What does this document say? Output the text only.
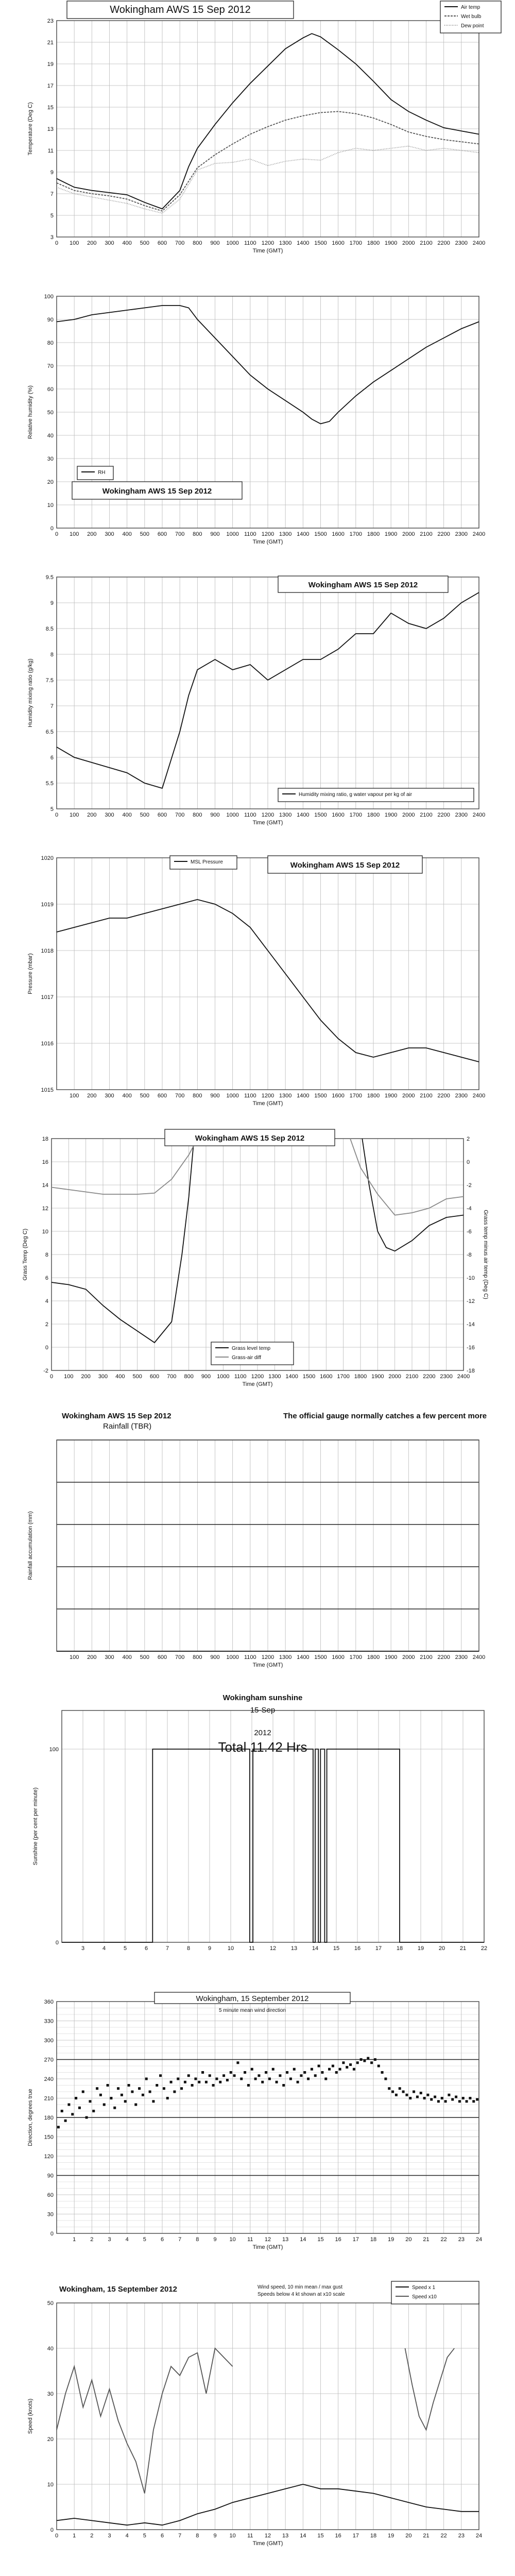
0 100 200 300 400 500 600 700 800 900 1000 1100 1200 1300 1400 1500 1600 1700 1800 1900 2000 2100 2200 2300 2400
3
5
7
9
11
13
15
17
19
21
23
Time (GMT)
Temperature (Deg C)
Wokingham AWS 15 Sep 2012	Air temp
Wet bulb
Dew point
0 100 200 300 400 500 600 700 800 900 1000 1100 1200 1300 1400 1500 1600 1700 1800 1900 2000 2100 2200 2300 2400
0
10
20
30
40
50
60
70
80
90
100
Time (GMT)
Relative humidity (%)
RH
Wokingham AWS 15 Sep 2012
0 100 200 300 400 500 600 700 800 900 1000 1100 1200 1300 1400 1500 1600 1700 1800 1900 2000 2100 2200 2300 2400
5
5.5
6
6.5
7
7.5
8
8.5
9
9.5
Time (GMT)
Humidity mixing ratio (g/kg)
Wokingham AWS 15 Sep 2012
Humidity mixing ratio, g water vapour per kg of air
100 200 300 400 500 600 700 800 900 1000 1100 1200 1300 1400 1500 1600 1700 1800 1900 2000 2100 2200 2300 2400
1015
1016
1017
1018
1019
1020
Time (GMT)
Pressure (mbar)
MSL Pressure	Wokingham AWS 15 Sep 2012
0 100 200 300 400 500 600 700 800 900 1000 1100 1200 1300 1400 1500 1600 1700 1800 1900 2000 2100 2200 2300 2400
-2
0
2
4
6
8
10
12
14
16
18
-18
-16
-14
-12
-10
-8
-6
-4
-2
0
2
Time (GMT)
Grass Temp (Deg C)	Grass temp minus air temp (Deg C)
Wokingham AWS 15 Sep 2012
Grass level temp
Grass-air diff
100 200 300 400 500 600 700 800 900 1000 1100 1200 1300 1400 1500 1600 1700 1800 1900 2000 2100 2200 2300 2400
Time (GMT)
Rainfall accumulation (mm)
Wokingham AWS 15 Sep 2012
Rainfall (TBR)
The official gauge normally catches a few percent more
3	4	5	6	7	8	9	10	11	12	13	14	15	16	17	18	19	20	21	22
0
100
Sunshine (per cent per minute)
Wokingham sunshine
15-Sep
2012
Total 11.42 Hrs
1	2	3	4	5	6	7	8	9 10 11 12 13 14 15 16 17 18 19 20 21 22 23 24
0
30
60
90
120
150
180
210
240
270
300
330
360
Time (GMT)
Direction, degrees true
Wokingham, 15 September 2012
5 minute mean wind direction
0	1	2	3	4	5	6	7	8	9 10 11 12 13 14 15 16 17 18 19 20 21 22 23 24
0
10
20
30
40
50
Time (GMT)
Speed (knots)
Wokingham, 15 September 2012	Wind speed, 10 min mean / max gust
Speeds below 4 kt shown at x10 scale
Speed x 1
Speed x10
